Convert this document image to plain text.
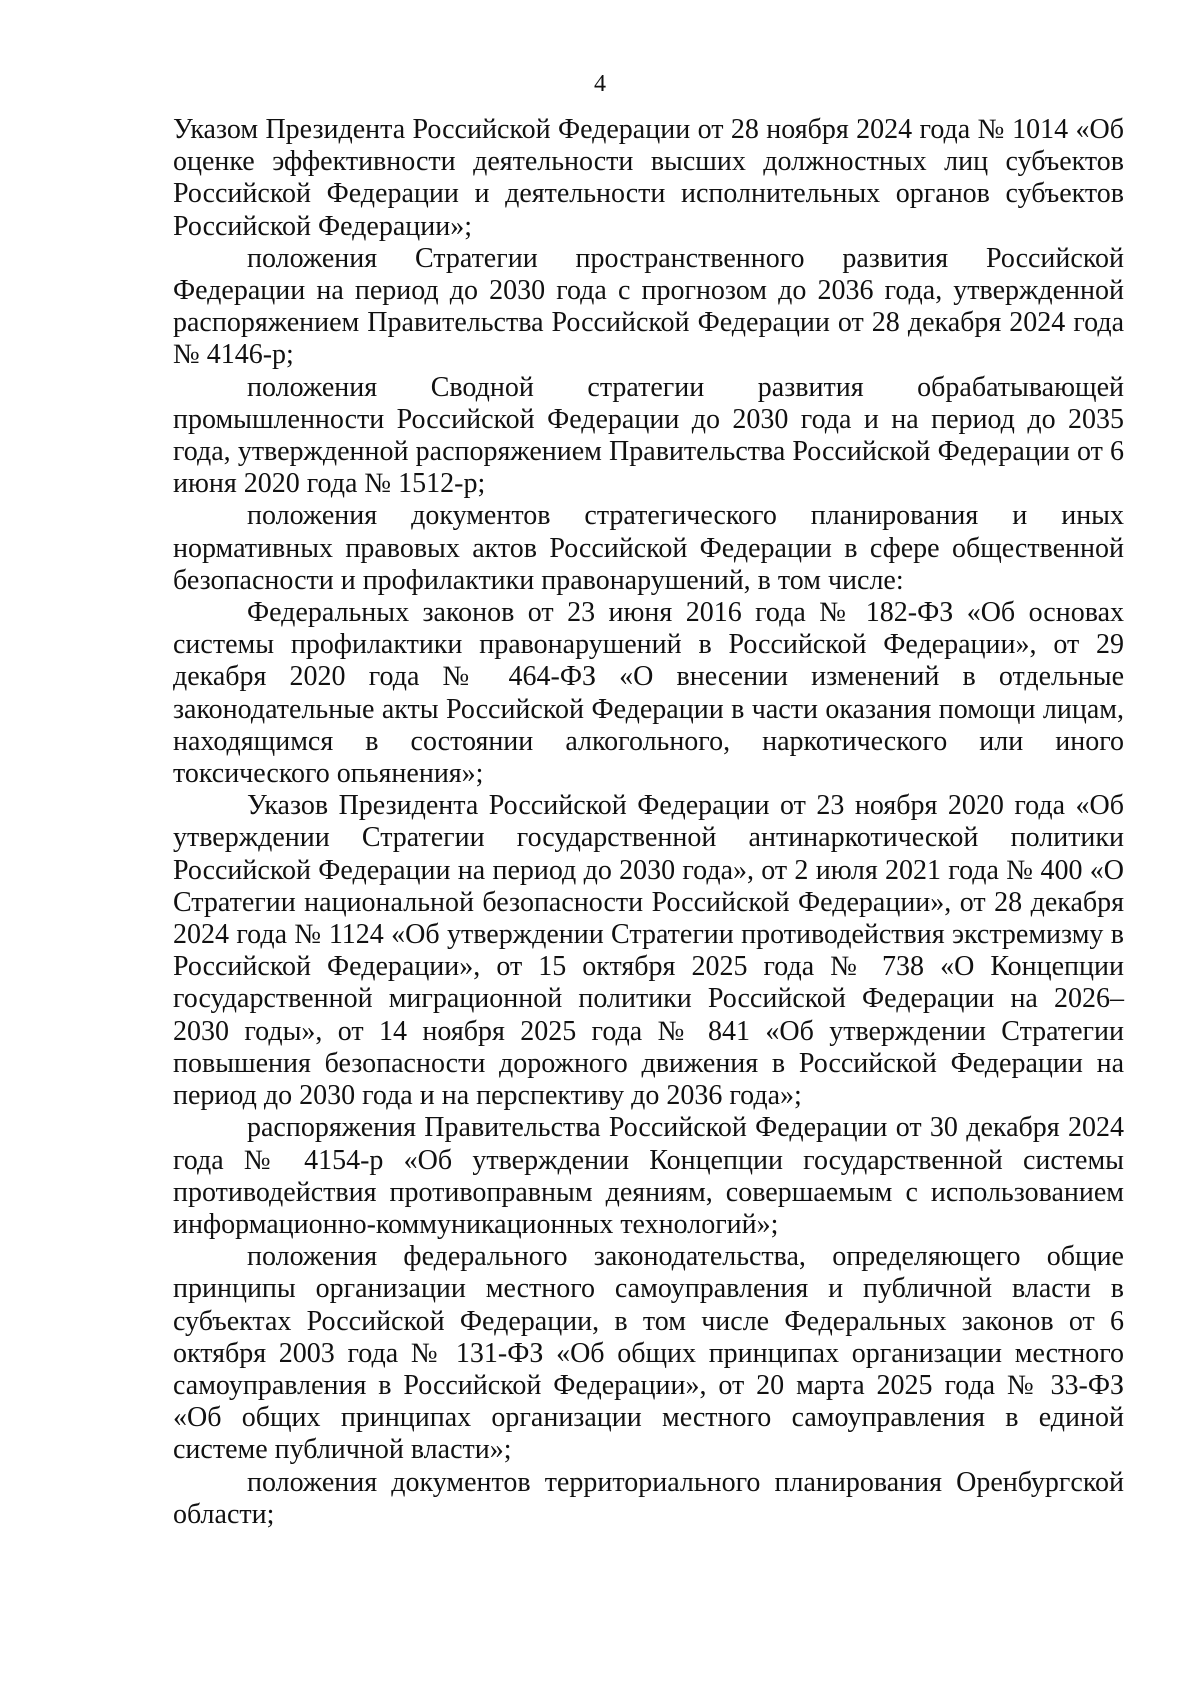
4

Указом Президента Российской Федерации от 28 ноября 2024 года № 1014 «Об оценке эффективности деятельности высших должностных лиц субъектов Российской Федерации и деятельности исполнительных органов субъектов Российской Федерации»;

положения Стратегии пространственного развития Российской Федерации на период до 2030 года с прогнозом до 2036 года, утвержденной распоряжением Правительства Российской Федерации от 28 декабря 2024 года № 4146-р;

положения Сводной стратегии развития обрабатывающей промышленности Российской Федерации до 2030 года и на период до 2035 года, утвержденной распоряжением Правительства Российской Федерации от 6 июня 2020 года № 1512-р;

положения документов стратегического планирования и иных нормативных правовых актов Российской Федерации в сфере общественной безопасности и профилактики правонарушений, в том числе:

Федеральных законов от 23 июня 2016 года № 182-ФЗ «Об основах системы профилактики правонарушений в Российской Федерации», от 29 декабря 2020 года № 464-ФЗ «О внесении изменений в отдельные законодательные акты Российской Федерации в части оказания помощи лицам, находящимся в состоянии алкогольного, наркотического или иного токсического опьянения»;

Указов Президента Российской Федерации от 23 ноября 2020 года «Об утверждении Стратегии государственной антинаркотической политики Российской Федерации на период до 2030 года», от 2 июля 2021 года № 400 «О Стратегии национальной безопасности Российской Федерации», от 28 декабря 2024 года № 1124 «Об утверждении Стратегии противодействия экстремизму в Российской Федерации», от 15 октября 2025 года № 738 «О Концепции государственной миграционной политики Российской Федерации на 2026–2030 годы», от 14 ноября 2025 года № 841 «Об утверждении Стратегии повышения безопасности дорожного движения в Российской Федерации на период до 2030 года и на перспективу до 2036 года»;

распоряжения Правительства Российской Федерации от 30 декабря 2024 года № 4154-р «Об утверждении Концепции государственной системы противодействия противоправным деяниям, совершаемым с использованием информационно-коммуникационных технологий»;

положения федерального законодательства, определяющего общие принципы организации местного самоуправления и публичной власти в субъектах Российской Федерации, в том числе Федеральных законов от 6 октября 2003 года № 131-ФЗ «Об общих принципах организации местного самоуправления в Российской Федерации», от 20 марта 2025 года № 33-ФЗ «Об общих принципах организации местного самоуправления в единой системе публичной власти»;

положения документов территориального планирования Оренбургской области;
